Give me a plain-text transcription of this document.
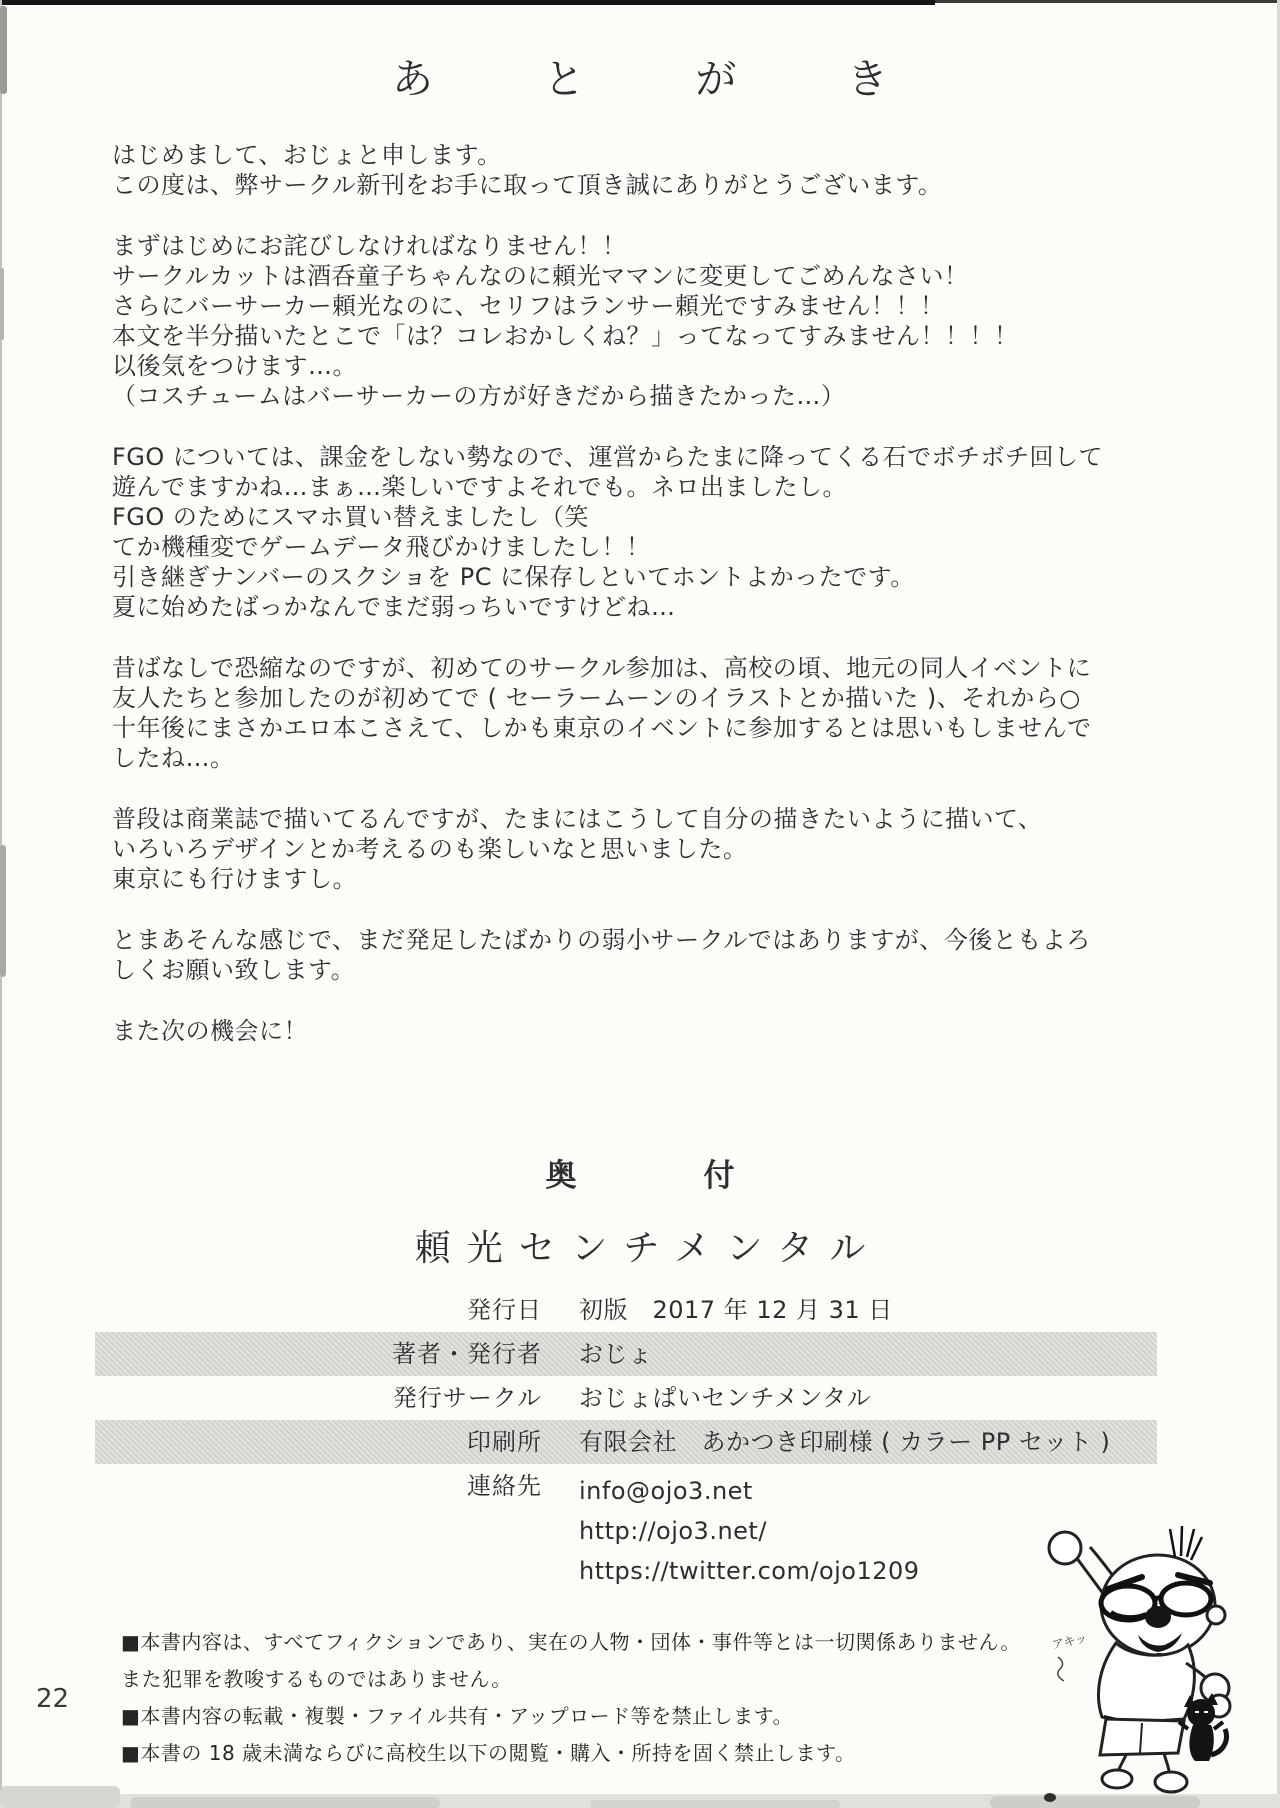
あとがき
はじめまして、おじょと申します。
この度は、弊サークル新刊をお手に取って頂き誠にありがとうございます。
まずはじめにお詫びしなければなりません！！
サークルカットは酒呑童子ちゃんなのに頼光ママンに変更してごめんなさい！
さらにバーサーカー頼光なのに、セリフはランサー頼光ですみません！！！
本文を半分描いたとこで「は？コレおかしくね？」ってなってすみません！！！！
以後気をつけます…。
（コスチュームはバーサーカーの方が好きだから描きたかった…）
FGO については、課金をしない勢なので、運営からたまに降ってくる石でボチボチ回して
遊んでますかね…まぁ…楽しいですよそれでも。ネロ出ましたし。
FGO のためにスマホ買い替えましたし（笑
てか機種変でゲームデータ飛びかけましたし！！
引き継ぎナンバーのスクショを PC に保存しといてホントよかったです。
夏に始めたばっかなんでまだ弱っちいですけどね…
昔ばなしで恐縮なのですが、初めてのサークル参加は、高校の頃、地元の同人イベントに
友人たちと参加したのが初めてで ( セーラームーンのイラストとか描いた )、それから○
十年後にまさかエロ本こさえて、しかも東京のイベントに参加するとは思いもしませんで
したね…。
普段は商業誌で描いてるんですが、たまにはこうして自分の描きたいように描いて、
いろいろデザインとか考えるのも楽しいなと思いました。
東京にも行けますし。
とまあそんな感じで、まだ発足したばかりの弱小サークルではありますが、今後ともよろ
しくお願い致します。
また次の機会に！
奥付
頼光センチメンタル
発行日 初版　2017 年 12 月 31 日
著者・発行者 おじょ
発行サークル おじょぱいセンチメンタル
印刷所 有限会社　あかつき印刷様 ( カラー PP セット )
連絡先 info@ojo3.net
http://ojo3.net/
https://twitter.com/ojo1209
■本書内容は、すべてフィクションであり、実在の人物・団体・事件等とは一切関係ありません。
また犯罪を教唆するものではありません。
■本書内容の転載・複製・ファイル共有・アップロード等を禁止します。
■本書の 18 歳未満ならびに高校生以下の閲覧・購入・所持を固く禁止します。
22
アキッ
